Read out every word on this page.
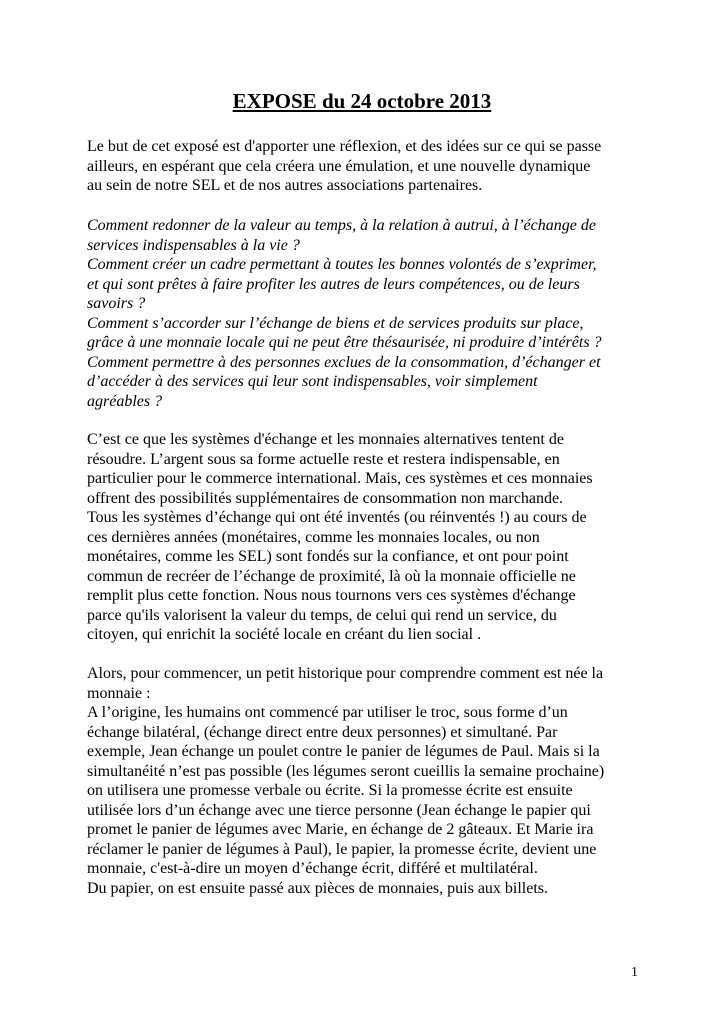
EXPOSE du 24 octobre 2013
Le but de cet exposé est d'apporter une réflexion, et des idées sur ce qui se passe
ailleurs, en espérant que cela créera une émulation, et une nouvelle dynamique
au sein de notre SEL et de nos autres associations partenaires.
Comment redonner de la valeur au temps, à la relation à autrui, à l’échange de
services indispensables à la vie ?
Comment créer un cadre permettant à toutes les bonnes volontés de s’exprimer,
et qui sont prêtes à faire profiter les autres de leurs compétences, ou de leurs
savoirs ?
Comment s’accorder sur l’échange de biens et de services produits sur place,
grâce à une monnaie locale qui ne peut être thésaurisée, ni produire d’intérêts ?
Comment permettre à des personnes exclues de la consommation, d’échanger et
d’accéder à des services qui leur sont indispensables, voir simplement
agréables ?
C’est ce que les systèmes d'échange et les monnaies alternatives tentent de
résoudre. L’argent sous sa forme actuelle reste et restera indispensable, en
particulier pour le commerce international. Mais, ces systèmes et ces monnaies
offrent des possibilités supplémentaires de consommation non marchande.
Tous les systèmes d’échange qui ont été inventés (ou réinventés !) au cours de
ces dernières années (monétaires, comme les monnaies locales, ou non
monétaires, comme les SEL) sont fondés sur la confiance, et ont pour point
commun de recréer de l’échange de proximité, là où la monnaie officielle ne
remplit plus cette fonction. Nous nous tournons vers ces systèmes d'échange
parce qu'ils valorisent la valeur du temps, de celui qui rend un service, du
citoyen, qui enrichit la société locale en créant du lien social .
Alors, pour commencer, un petit historique pour comprendre comment est née la
monnaie :
A l’origine, les humains ont commencé par utiliser le troc, sous forme d’un
échange bilatéral, (échange direct entre deux personnes) et simultané. Par
exemple, Jean échange un poulet contre le panier de légumes de Paul. Mais si la
simultanéité n’est pas possible (les légumes seront cueillis la semaine prochaine)
on utilisera une promesse verbale ou écrite. Si la promesse écrite est ensuite
utilisée lors d’un échange avec une tierce personne (Jean échange le papier qui
promet le panier de légumes avec Marie, en échange de 2 gâteaux. Et Marie ira
réclamer le panier de légumes à Paul), le papier, la promesse écrite, devient une
monnaie, c'est-à-dire un moyen d’échange écrit, différé et multilatéral.
Du papier, on est ensuite passé aux pièces de monnaies, puis aux billets.
1
